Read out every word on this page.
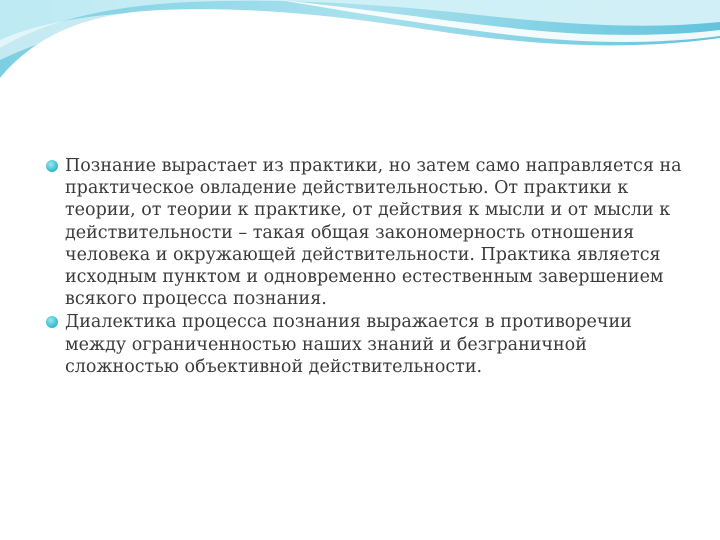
Познание вырастает из практики, но затем само направляется на практическое овладение действительностью. От практики к теории, от теории к практике, от действия к мысли и от мысли к действительности – такая общая закономерность отношения человека и окружающей действительности. Практика является исходным пунктом и одновременно естественным завершением всякого процесса познания.
Диалектика процесса познания выражается в противоречии между ограниченностью наших знаний и безграничной сложностью объективной действительности.
